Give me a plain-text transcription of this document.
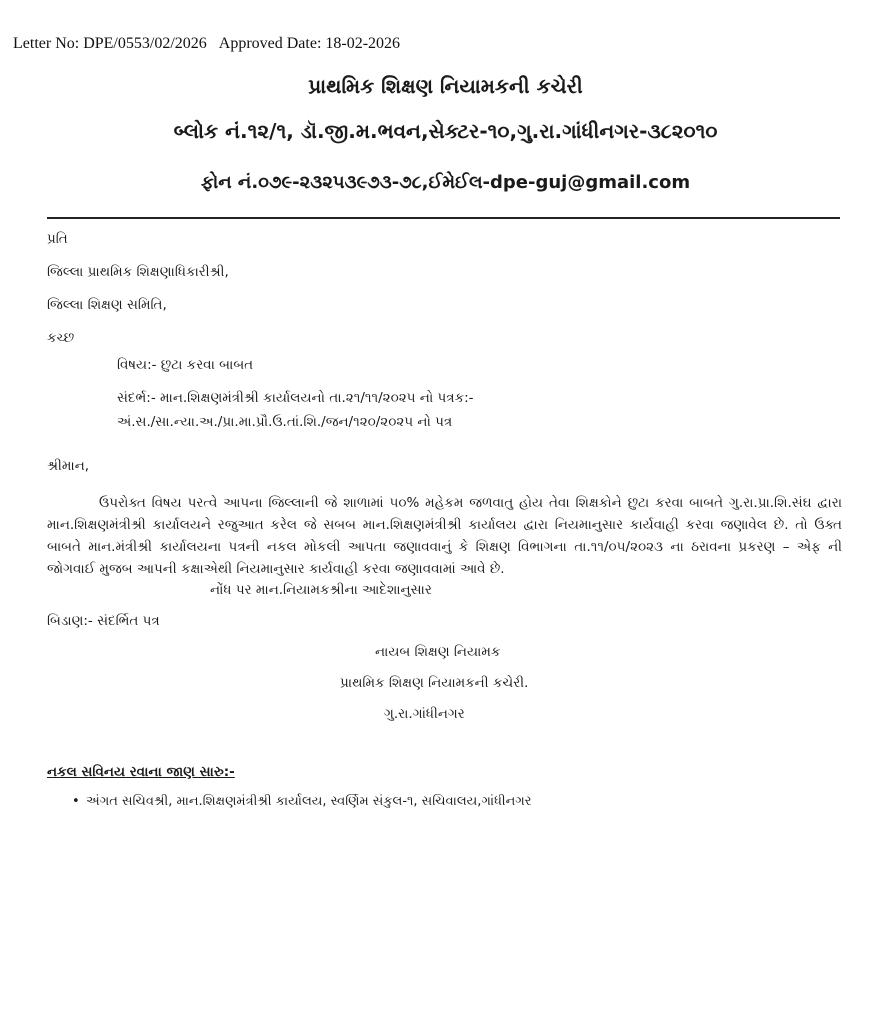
Letter No: DPE/0553/02/2026 Approved Date: 18-02-2026
પ્રાથમિક શિક્ષણ નિયામકની કચેરી
બ્લોક નં.૧૨/૧, ડૉ.જી.મ.ભવન,સેક્ટર-૧૦,ગુ.રા.ગાંધીનગર-૩૮૨૦૧૦
ફોન નં.૦૭૯-૨૩૨૫૩૯૭૩-૭૮,ઈમેઈલ-dpe-guj@gmail.com
પ્રતિ
જિલ્લા પ્રાથમિક શિક્ષણાધિકારીશ્રી,
જિલ્લા શિક્ષણ સમિતિ,
કચ્છ
વિષય:- છુટા કરવા બાબત
સંદર્ભ:- માન.શિક્ષણમંત્રીશ્રી કાર્યાલયનો તા.૨૧/૧૧/૨૦૨૫ નો પત્રક:-
અં.સ./સા.ન્યા.અ./પ્રા.મા.પ્રૌ.ઉ.તાં.શિ./જન/૧૨૦/૨૦૨૫ નો પત્ર
શ્રીમાન,
ઉપરોક્ત વિષય પરત્વે આપના જિલ્લાની જે શાળામાં ૫૦% મહેકમ જળવાતુ હોય તેવા શિક્ષકોને છુટા કરવા બાબતે ગુ.રા.પ્રા.શિ.સંઘ દ્વારા માન.શિક્ષણમંત્રીશ્રી કાર્યાલયને રજુઆત કરેલ જે સબબ માન.શિક્ષણમંત્રીશ્રી કાર્યાલય દ્વારા નિયમાનુસાર કાર્યવાહી કરવા જણાવેલ છે. તો ઉક્ત બાબતે માન.મંત્રીશ્રી કાર્યાલયના પત્રની નકલ મોકલી આપતા જણાવવાનું કે શિક્ષણ વિભાગના તા.૧૧/૦૫/૨૦૨૩ ના ઠરાવના પ્રકરણ – એફ ની જોગવાઈ મુજબ આપની કક્ષાએથી નિયમાનુસાર કાર્યવાહી કરવા જણાવવામાં આવે છે.
નોંધ પર માન.નિયામકશ્રીના આદેશાનુસાર
બિડાણ:- સંદર્ભિત પત્ર
નાયબ શિક્ષણ નિયામક
પ્રાથમિક શિક્ષણ નિયામકની કચેરી.
ગુ.રા.ગાંધીનગર
નકલ સવિનય રવાના જાણ સારુ:-
• અંગત સચિવશ્રી, માન.શિક્ષણમંત્રીશ્રી કાર્યાલય, સ્વર્ણિમ સંકુલ-૧, સચિવાલય,ગાંધીનગર
